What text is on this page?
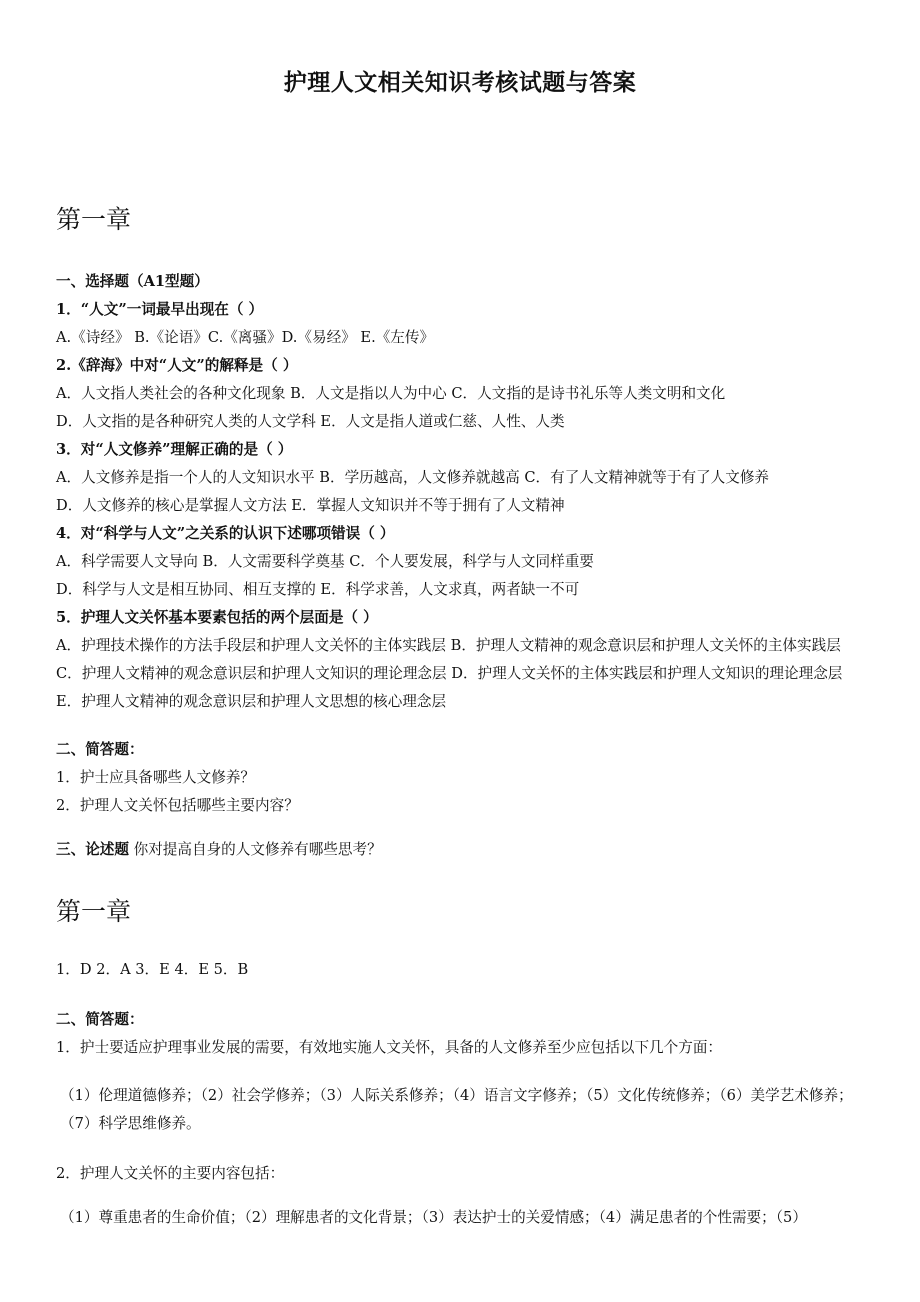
护理人文相关知识考核试题与答案
第一章
一、选择题（A1型题）
1．“人文”一词最早出现在（ ）
A.《诗经》 B.《论语》C.《离骚》D.《易经》 E.《左传》
2.《辞海》中对“人文”的解释是（ ）
A．人文指人类社会的各种文化现象 B．人文是指以人为中心 C．人文指的是诗书礼乐等人类文明和文化
D．人文指的是各种研究人类的人文学科 E．人文是指人道或仁慈、人性、人类
3．对“人文修养”理解正确的是（ ）
A．人文修养是指一个人的人文知识水平 B．学历越高，人文修养就越高 C．有了人文精神就等于有了人文修养
D．人文修养的核心是掌握人文方法 E．掌握人文知识并不等于拥有了人文精神
4．对“科学与人文”之关系的认识下述哪项错误（ ）
A．科学需要人文导向 B．人文需要科学奠基 C．个人要发展，科学与人文同样重要
D．科学与人文是相互协同、相互支撑的 E．科学求善，人文求真，两者缺一不可
5．护理人文关怀基本要素包括的两个层面是（ ）
A．护理技术操作的方法手段层和护理人文关怀的主体实践层 B．护理人文精神的观念意识层和护理人文关怀的主体实践层 C．护理人文精神的观念意识层和护理人文知识的理论理念层 D．护理人文关怀的主体实践层和护理人文知识的理论理念层 E．护理人文精神的观念意识层和护理人文思想的核心理念层
二、简答题：
1．护士应具备哪些人文修养？
2．护理人文关怀包括哪些主要内容？
三、论述题 你对提高自身的人文修养有哪些思考？
第一章
1．D 2．A 3．E 4．E 5．B
二、简答题：
1．护士要适应护理事业发展的需要，有效地实施人文关怀，具备的人文修养至少应包括以下几个方面：
（1）伦理道德修养；（2）社会学修养；（3）人际关系修养；（4）语言文字修养；（5）文化传统修养；（6）美学艺术修养；（7）科学思维修养。
2．护理人文关怀的主要内容包括：
（1）尊重患者的生命价值；（2）理解患者的文化背景；（3）表达护士的关爱情感；（4）满足患者的个性需要；（5）
